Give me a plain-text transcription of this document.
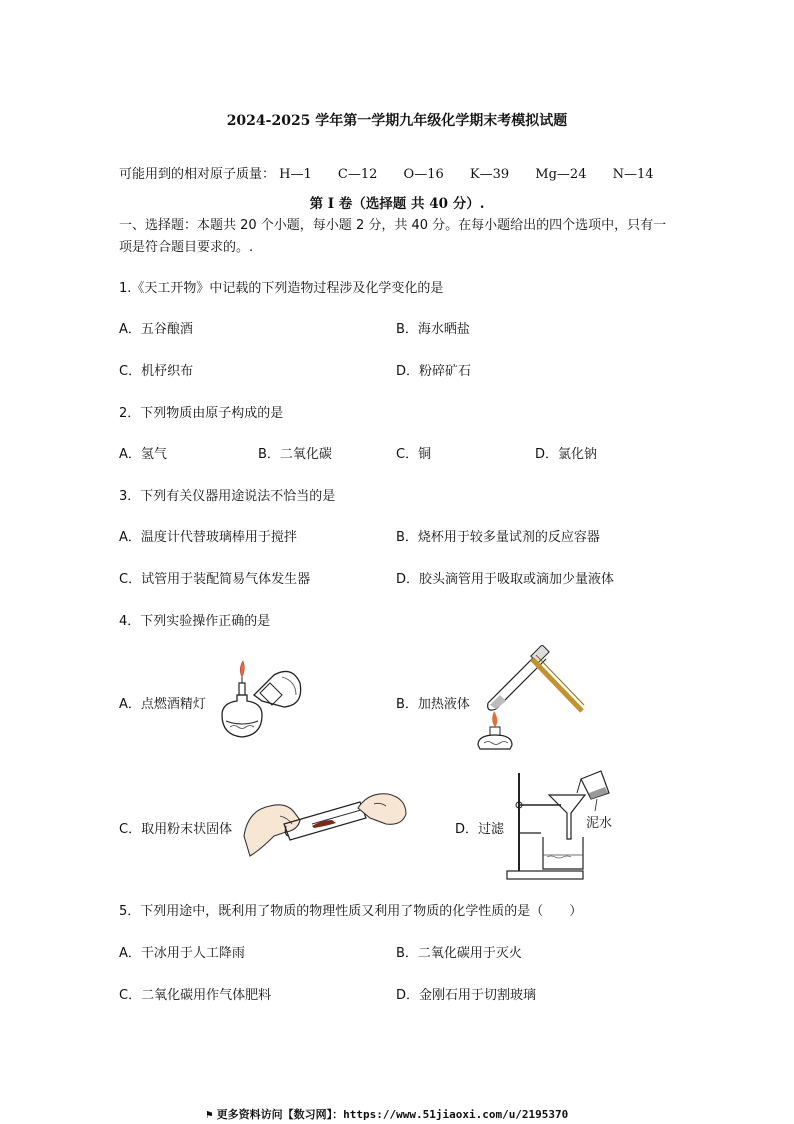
2024-2025 学年第一学期九年级化学期末考模拟试题
可能用到的相对原子质量： H—1 C—12 O—16 K—39 Mg—24 N—14
第 I 卷（选择题 共 40 分）.
一、选择题：本题共 20 个小题，每小题 2 分，共 40 分。在每小题给出的四个选项中，只有一项是符合题目要求的。.
1.《天工开物》中记载的下列造物过程涉及化学变化的是
A．五谷酿酒	B．海水晒盐
C．机杼织布	D．粉碎矿石
2．下列物质由原子构成的是
A．氢气	B．二氧化碳	C．铜	D．氯化钠
3．下列有关仪器用途说法不恰当的是
A．温度计代替玻璃棒用于搅拌	B．烧杯用于较多量试剂的反应容器
C．试管用于装配简易气体发生器	D．胶头滴管用于吸取或滴加少量液体
4．下列实验操作正确的是
A．点燃酒精灯	B．加热液体
C．取用粉末状固体	D．过滤	泥水
5．下列用途中，既利用了物质的物理性质又利用了物质的化学性质的是（　　）
A．干冰用于人工降雨	B．二氧化碳用于灭火
C．二氧化碳用作气体肥料	D．金刚石用于切割玻璃
⚑ 更多资料访问【数习网】：https://www.51jiaoxi.com/u/2195370
